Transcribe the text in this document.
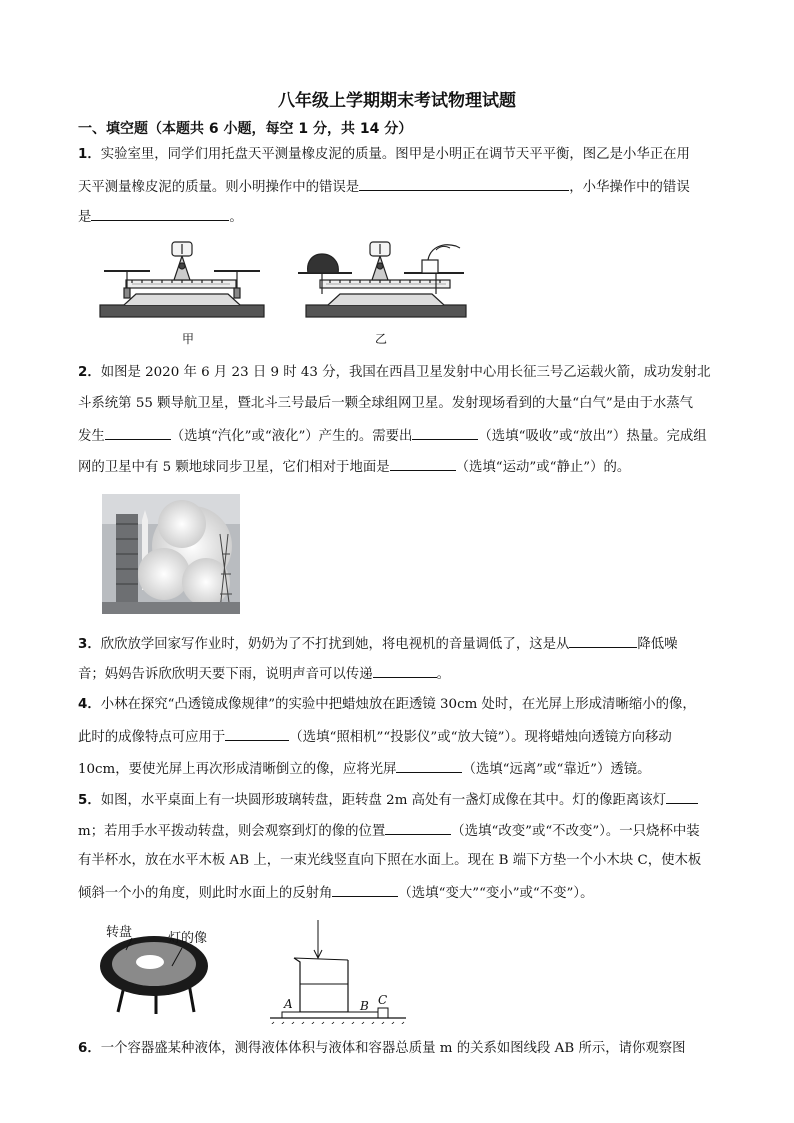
八年级上学期期末考试物理试题
一、填空题（本题共 6 小题，每空 1 分，共 14 分）
1．实验室里，同学们用托盘天平测量橡皮泥的质量。图甲是小明正在调节天平平衡，图乙是小华正在用
天平测量橡皮泥的质量。则小明操作中的错误是	，小华操作中的错误
是	。
甲	乙
2．如图是 2020 年 6 月 23 日 9 时 43 分，我国在西昌卫星发射中心用长征三号乙运载火箭，成功发射北
斗系统第 55 颗导航卫星，暨北斗三号最后一颗全球组网卫星。发射现场看到的大量“白气”是由于水蒸气
发生	（选填“汽化”或“液化”）产生的。需要出	（选填“吸收”或“放出”）热量。完成组
网的卫星中有 5 颗地球同步卫星，它们相对于地面是	（选填“运动”或“静止”）的。
3．欣欣放学回家写作业时，奶奶为了不打扰到她，将电视机的音量调低了，这是从	降低噪
音；妈妈告诉欣欣明天要下雨，说明声音可以传递	。
4．小林在探究“凸透镜成像规律”的实验中把蜡烛放在距透镜 30cm 处时，在光屏上形成清晰缩小的像，
此时的成像特点可应用于	（选填“照相机”“投影仪”或“放大镜”）。现将蜡烛向透镜方向移动
10cm，要使光屏上再次形成清晰倒立的像，应将光屏	（选填“远离”或“靠近”）透镜。
5．如图，水平桌面上有一块圆形玻璃转盘，距转盘 2m 高处有一盏灯成像在其中。灯的像距离该灯
m；若用手水平拨动转盘，则会观察到灯的像的位置	（选填“改变”或“不改变”）。一只烧杯中装
有半杯水，放在水平木板 AB 上，一束光线竖直向下照在水面上。现在 B 端下方垫一个小木块 C，使木板
倾斜一个小的角度，则此时水面上的反射角	（选填“变大”“变小”或“不变”）。
转盘	灯的像
A	B C
6．一个容器盛某种液体，测得液体体积与液体和容器总质量 m 的关系如图线段 AB 所示，请你观察图
